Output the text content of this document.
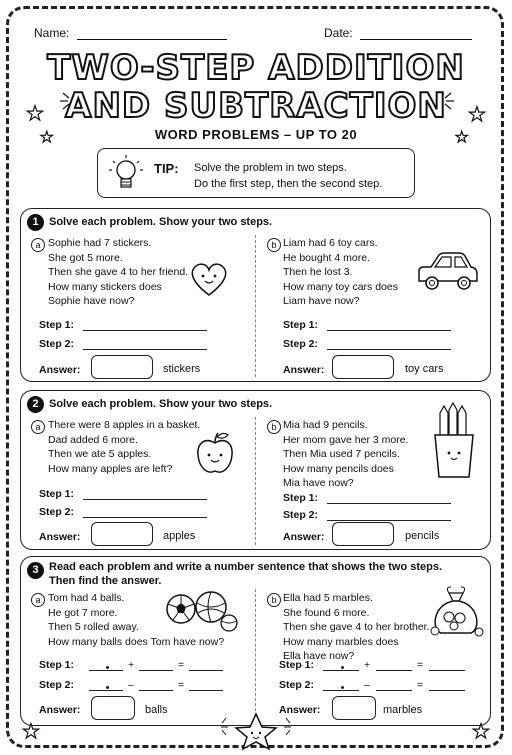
Name:	Date:
TWO-STEP ADDITION
AND SUBTRACTION
WORD PROBLEMS – UP TO 20
★
★
★
★
TIP: Solve the problem in two steps.
Do the first step, then the second step.
1 Solve each problem. Show your two steps.
a Sophie had 7 stickers.
She got 5 more.
Then she gave 4 to her friend.
How many stickers does
Sophie have now?
Step 1:
Step 2:
Answer:	stickers
b Liam had 6 toy cars.
He bought 4 more.
Then he lost 3.
How many toy cars does
Liam have now?
Step 1:
Step 2:
Answer:	toy cars
2 Solve each problem. Show your two steps.
a There were 8 apples in a basket.
Dad added 6 more.
Then we ate 5 apples.
How many apples are left?
Step 1:
Step 2:
Answer:	apples
b Mia had 9 pencils.
Her mom gave her 3 more.
Then Mia used 7 pencils.
How many pencils does
Mia have now?
Step 1:
Step 2:
Answer:	pencils
3 Read each problem and write a number sentence that shows the two steps.
Then find the answer.
a Tom had 4 balls.
He got 7 more.
Then 5 rolled away.
How many balls does Tom have now?
Step 1:	+	=
Step 2:	–	=
Answer:	balls
b Ella had 5 marbles.
She found 6 more.
Then she gave 4 to her brother.
How many marbles does
Ella have now?
Step 1:	+	=
Step 2:	–	=
Answer:	marbles
★	★
